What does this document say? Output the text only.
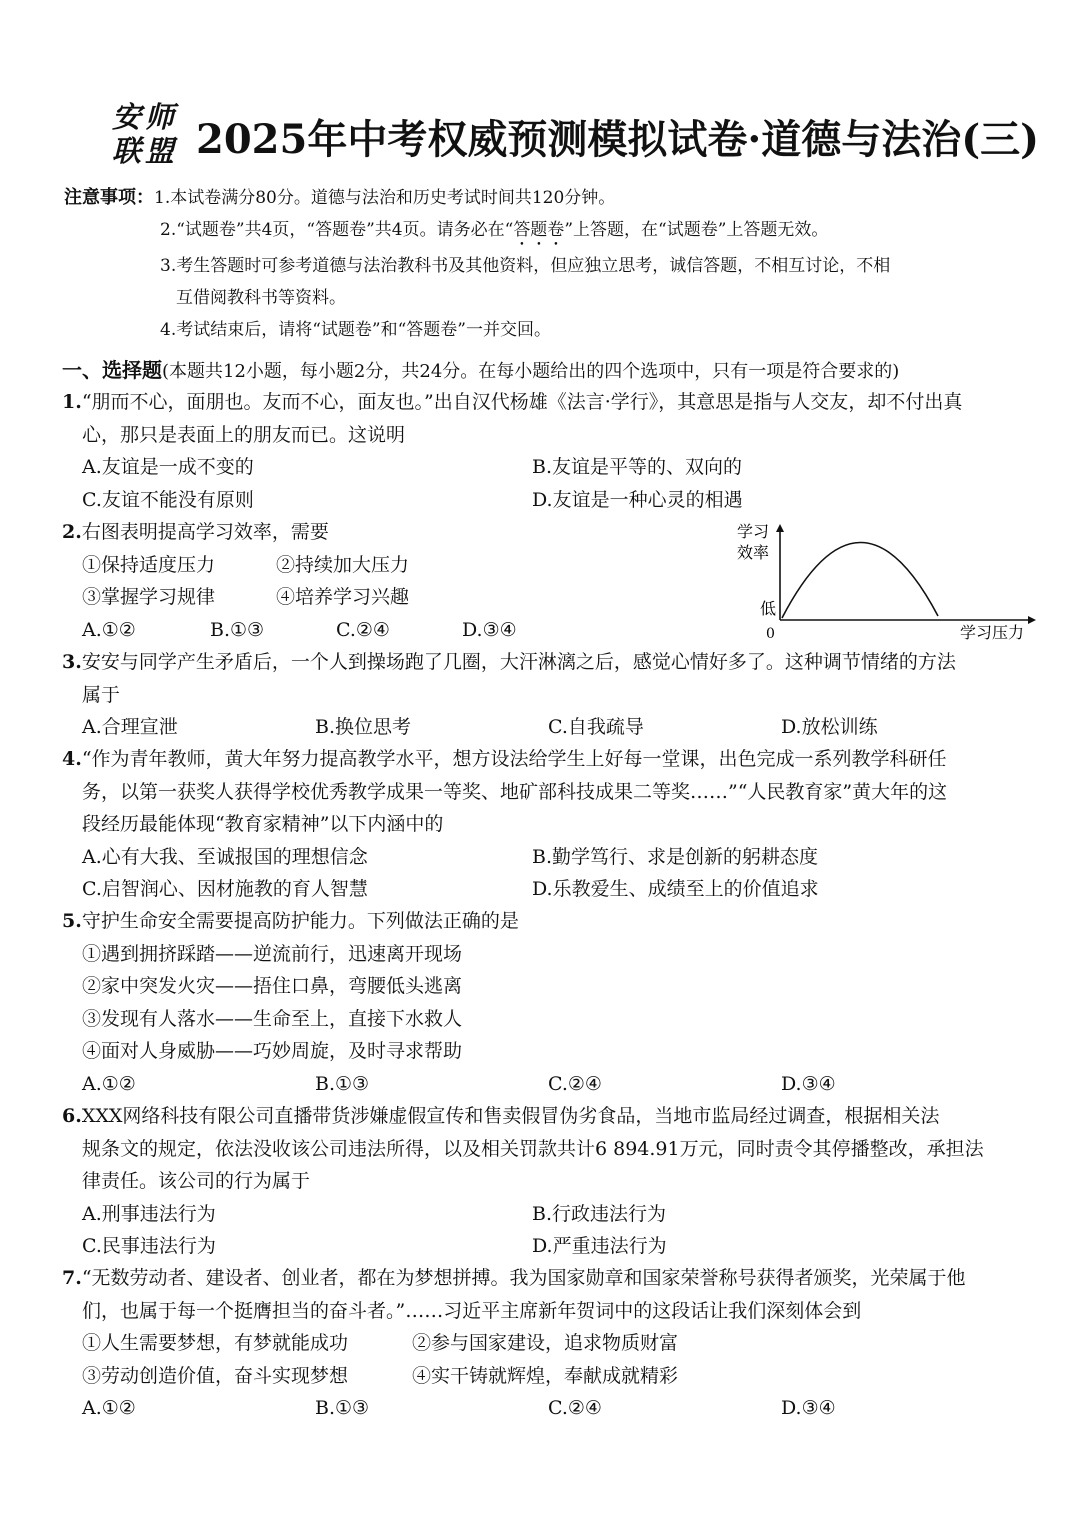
安师
联盟 2025年中考权威预测模拟试卷·道德与法治(三)
注意事项：1.本试卷满分80分。道德与法治和历史考试时间共120分钟。
2.“试题卷”共4页，“答题卷”共4页。请务必在“答题卷”上答题，在“试题卷”上答题无效。
3.考生答题时可参考道德与法治教科书及其他资料，但应独立思考，诚信答题，不相互讨论，不相
互借阅教科书等资料。
4.考试结束后，请将“试题卷”和“答题卷”一并交回。
一、选择题(本题共12小题，每小题2分，共24分。在每小题给出的四个选项中，只有一项是符合要求的)
1.“朋而不心，面朋也。友而不心，面友也。”出自汉代杨雄《法言·学行》，其意思是指与人交友，却不付出真
心，那只是表面上的朋友而已。这说明
A.友谊是一成不变的	B.友谊是平等的、双向的
C.友谊不能没有原则	D.友谊是一种心灵的相遇
2.右图表明提高学习效率，需要
①保持适度压力	②持续加大压力
③掌握学习规律	④培养学习兴趣
A.①②	B.①③	C.②④	D.③④
学习
效率
低
0	学习压力
3.安安与同学产生矛盾后，一个人到操场跑了几圈，大汗淋漓之后，感觉心情好多了。这种调节情绪的方法
属于
A.合理宣泄	B.换位思考	C.自我疏导	D.放松训练
4.“作为青年教师，黄大年努力提高教学水平，想方设法给学生上好每一堂课，出色完成一系列教学科研任
务，以第一获奖人获得学校优秀教学成果一等奖、地矿部科技成果二等奖……”“人民教育家”黄大年的这
段经历最能体现“教育家精神”以下内涵中的
A.心有大我、至诚报国的理想信念	B.勤学笃行、求是创新的躬耕态度
C.启智润心、因材施教的育人智慧	D.乐教爱生、成绩至上的价值追求
5.守护生命安全需要提高防护能力。下列做法正确的是
①遇到拥挤踩踏——逆流前行，迅速离开现场
②家中突发火灾——捂住口鼻，弯腰低头逃离
③发现有人落水——生命至上，直接下水救人
④面对人身威胁——巧妙周旋，及时寻求帮助
A.①②	B.①③	C.②④	D.③④
6.XXX网络科技有限公司直播带货涉嫌虚假宣传和售卖假冒伪劣食品，当地市监局经过调查，根据相关法
规条文的规定，依法没收该公司违法所得，以及相关罚款共计6 894.91万元，同时责令其停播整改，承担法
律责任。该公司的行为属于
A.刑事违法行为	B.行政违法行为
C.民事违法行为	D.严重违法行为
7.“无数劳动者、建设者、创业者，都在为梦想拼搏。我为国家勋章和国家荣誉称号获得者颁奖，光荣属于他
们，也属于每一个挺膺担当的奋斗者。”……习近平主席新年贺词中的这段话让我们深刻体会到
①人生需要梦想，有梦就能成功	②参与国家建设，追求物质财富
③劳动创造价值，奋斗实现梦想	④实干铸就辉煌，奉献成就精彩
A.①②	B.①③	C.②④	D.③④
